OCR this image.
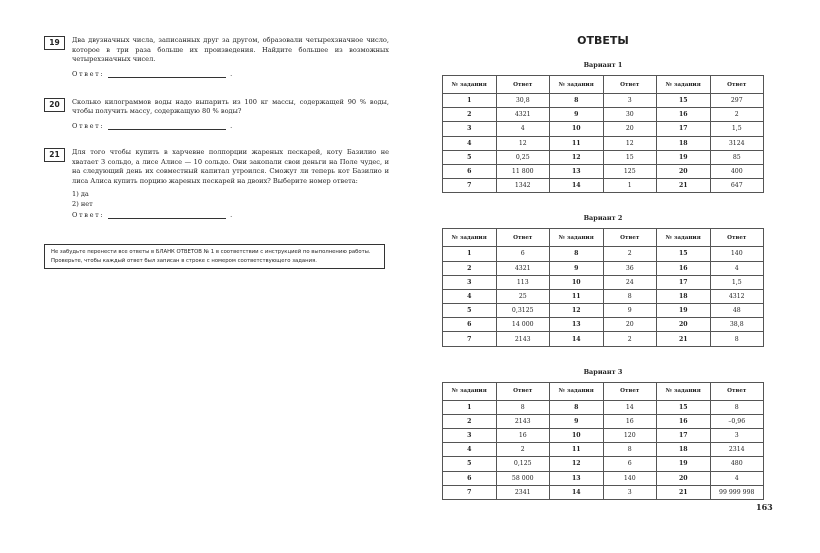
19	Два двузначных числа, записанных друг за другом, образовали четырехзначное число, которое в три раза больше их произведения. Найдите большее из возможных четырехзначных чисел.
Ответ:	.
20	Сколько килограммов воды надо выпарить из 100 кг массы, содержащей 90 % воды, чтобы получить массу, содержащую 80 % воды?
Ответ:	.
21	Для того чтобы купить в харчевне полпорции жареных пескарей, коту Базилио не хватает 3 сольдо, а лисе Алисе — 10 сольдо. Они закопали свои деньги на Поле чудес, и на следующий день их совместный капитал утроился. Сможут ли теперь кот Базилио и лиса Алиса купить порцию жареных пескарей на двоих? Выберите номер ответа:
1) да
2) нет
Ответ:	.
Не забудьте перенести все ответы в БЛАНК ОТВЕТОВ № 1 в соответствии с инструкцией по выполнению работы. Проверьте, чтобы каждый ответ был записан в строке с номером соответствующего задания.
ОТВЕТЫ
Вариант 1
№ задания	Ответ	№ задания	Ответ	№ задания	Ответ
1	30,8	8	3	15	297
2	4321	9	30	16	2
3	4	10	20	17	1,5
4	12	11	12	18	3124
5	0,25	12	15	19	85
6	11 800	13	125	20	400
7	1342	14	1	21	647
Вариант 2
№ задания	Ответ	№ задания	Ответ	№ задания	Ответ
1	6	8	2	15	140
2	4321	9	36	16	4
3	113	10	24	17	1,5
4	25	11	8	18	4312
5	0,3125	12	9	19	48
6	14 000	13	20	20	38,8
7	2143	14	2	21	8
Вариант 3
№ задания	Ответ	№ задания	Ответ	№ задания	Ответ
1	8	8	14	15	8
2	2143	9	16	16	–0,96
3	16	10	120	17	3
4	2	11	8	18	2314
5	0,125	12	6	19	480
6	58 000	13	140	20	4
7	2341	14	3	21	99 999 998
163
